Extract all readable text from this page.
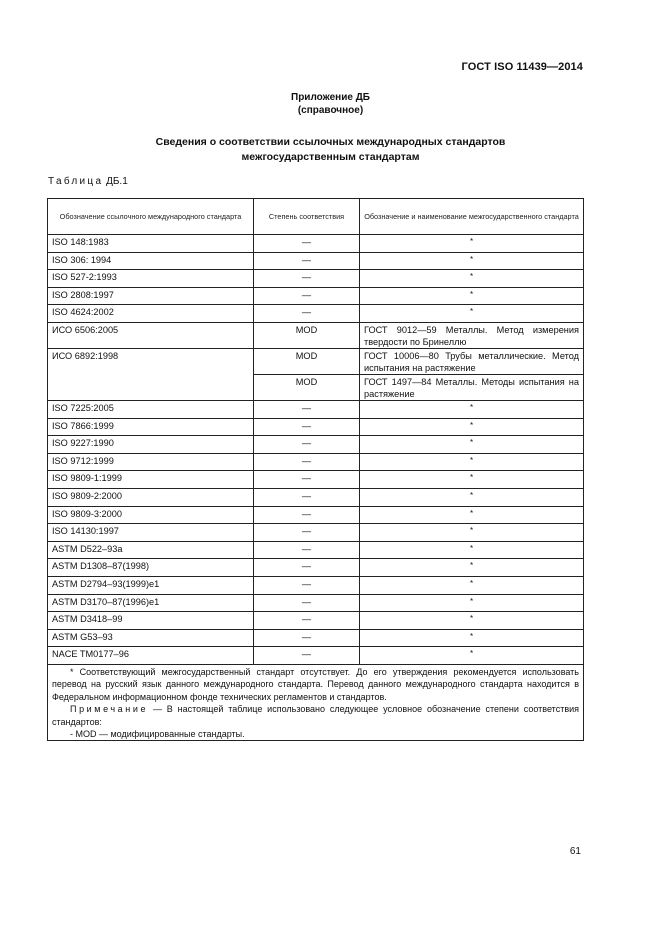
ГОСТ ISO 11439—2014
Приложение ДБ
(справочное)
Сведения о соответствии ссылочных международных стандартов
межгосударственным стандартам
Таблица ДБ.1
Обозначение ссылочного международного стандарта	Степень соответствия	Обозначение и наименование межгосударственного стандарта
ISO 148:1983	—	*
ISO 306: 1994	—	*
ISO 527-2:1993	—	*
ISO 2808:1997	—	*
ISO 4624:2002	—	*
ИСО 6506:2005	MOD	ГОСТ 9012—59 Металлы. Метод измерения твердости по Бринеллю
ИСО 6892:1998	MOD	ГОСТ 10006—80 Трубы металлические. Метод испытания на растяжение
	MOD	ГОСТ 1497—84 Металлы. Методы испытания на растяжение
ISO 7225:2005	—	*
ISO 7866:1999	—	*
ISO 9227:1990	—	*
ISO 9712:1999	—	*
ISO 9809-1:1999	—	*
ISO 9809-2:2000	—	*
ISO 9809-3:2000	—	*
ISO 14130:1997	—	*
ASTM D522–93a	—	*
ASTM D1308–87(1998)	—	*
ASTM D2794–93(1999)e1	—	*
ASTM D3170–87(1996)e1	—	*
ASTM D3418–99	—	*
ASTM G53–93	—	*
NACE TM0177–96	—	*

* Соответствующий межгосударственный стандарт отсутствует. До его утверждения рекомендуется использовать перевод на русский язык данного международного стандарта. Перевод данного международного стандарта находится в Федеральном информационном фонде технических регламентов и стандартов.
Примечание — В настоящей таблице использовано следующее условное обозначение степени соответствия стандартов:
- MOD — модифицированные стандарты.		
61
